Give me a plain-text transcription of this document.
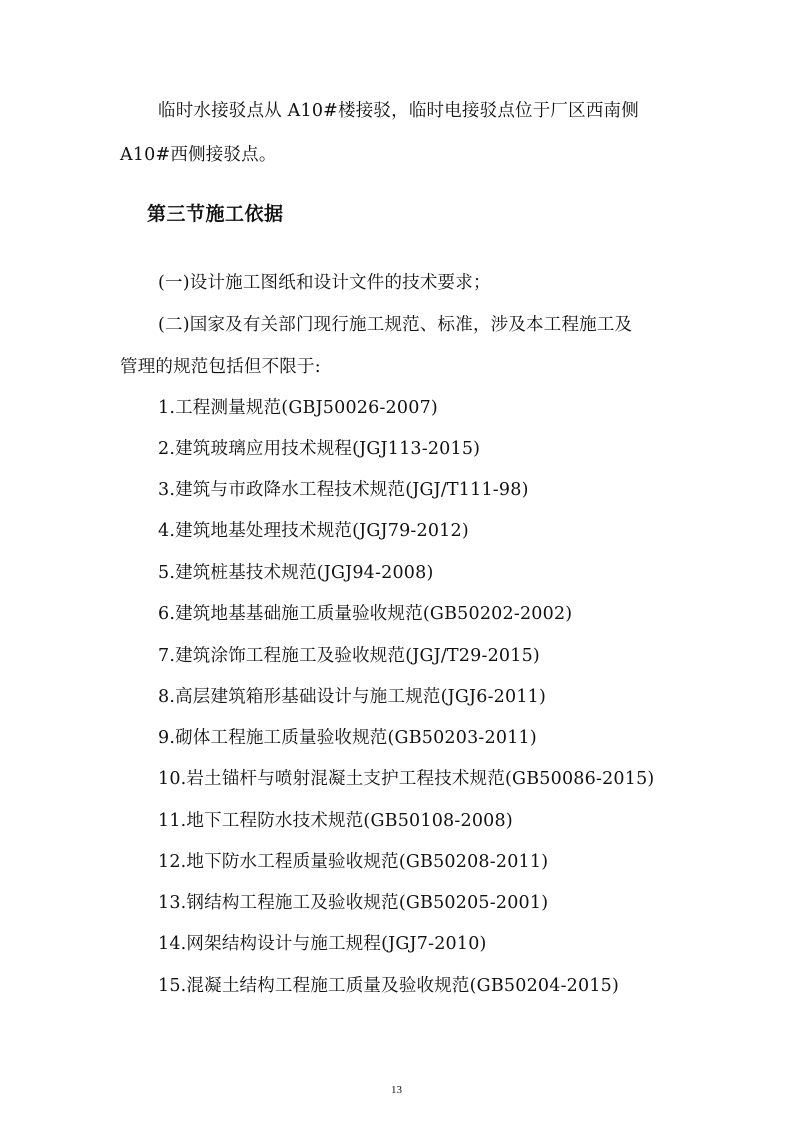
临时水接驳点从 A10#楼接驳，临时电接驳点位于厂区西南侧
A10#西侧接驳点。
第三节施工依据
(一)设计施工图纸和设计文件的技术要求；
(二)国家及有关部门现行施工规范、标准，涉及本工程施工及
管理的规范包括但不限于:
1.工程测量规范(GBJ50026-2007)
2.建筑玻璃应用技术规程(JGJ113-2015)
3.建筑与市政降水工程技术规范(JGJ/T111-98)
4.建筑地基处理技术规范(JGJ79-2012)
5.建筑桩基技术规范(JGJ94-2008)
6.建筑地基基础施工质量验收规范(GB50202-2002)
7.建筑涂饰工程施工及验收规范(JGJ/T29-2015)
8.高层建筑箱形基础设计与施工规范(JGJ6-2011)
9.砌体工程施工质量验收规范(GB50203-2011)
10.岩土锚杆与喷射混凝土支护工程技术规范(GB50086-2015)
11.地下工程防水技术规范(GB50108-2008)
12.地下防水工程质量验收规范(GB50208-2011)
13.钢结构工程施工及验收规范(GB50205-2001)
14.网架结构设计与施工规程(JGJ7-2010)
15.混凝土结构工程施工质量及验收规范(GB50204-2015)
13
